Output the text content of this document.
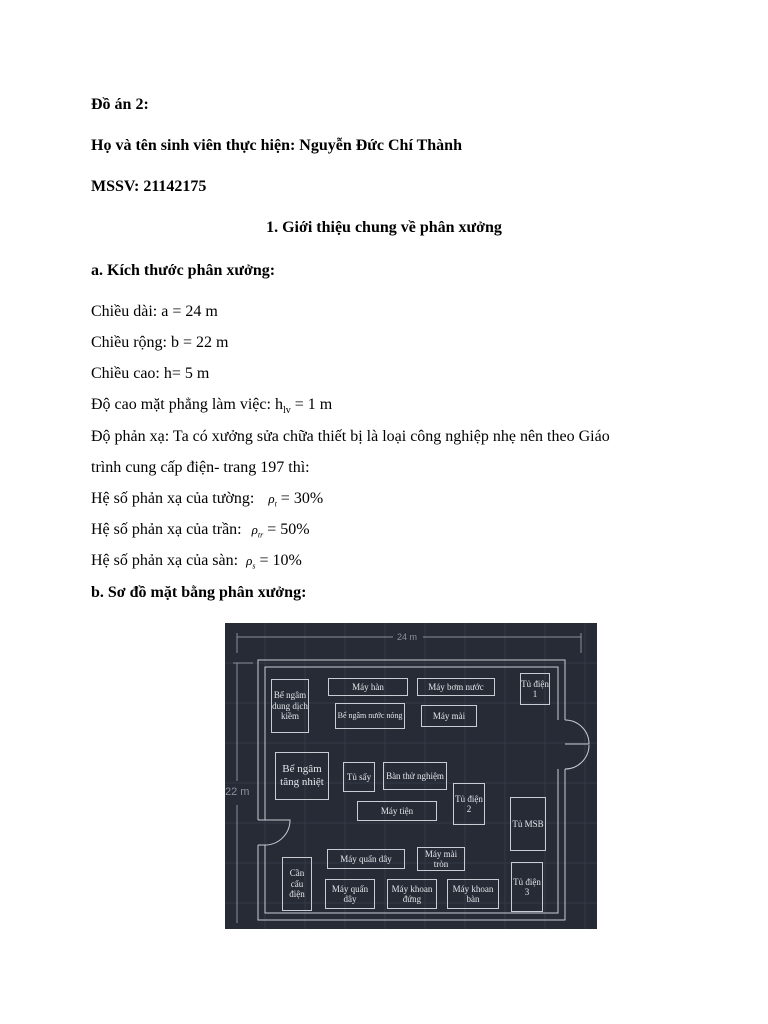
Đồ án 2:
Họ và tên sinh viên thực hiện: Nguyễn Đức Chí Thành
MSSV: 21142175
1. Giới thiệu chung về phân xưởng
a. Kích thước phân xưởng:
Chiều dài: a = 24 m
Chiều rộng: b = 22 m
Chiều cao: h= 5 m
Độ cao mặt phẳng làm việc: $h_{lv} = 1$ m
Độ phản xạ: Ta có xưởng sửa chữa thiết bị là loại công nghiệp nhẹ nên theo Giáo
trình cung cấp điện- trang 197 thì:
Hệ số phản xạ của tường: $\rho_t = 30\%$
Hệ số phản xạ của trần: $\rho_{tr} = 50\%$
Hệ số phản xạ của sàn: $\rho_s = 10\%$
b. Sơ đồ mặt bằng phân xưởng:
24 m
22 m
Máy hàn	Máy bơm nước	Tủ điện 1
Bể ngâm dung dịch kiềm	Bể ngâm nước nóng	Máy mài
Bể ngâm tăng nhiệt	Tủ sấy	Bàn thử nghiệm
Tủ điện 2
Máy tiện
Tủ MSB
Máy quấn dây
Máy mài tròn
Cần cẩu điện
Máy quấn dây
Máy khoan đứng
Máy khoan bàn
Tủ điện 3
